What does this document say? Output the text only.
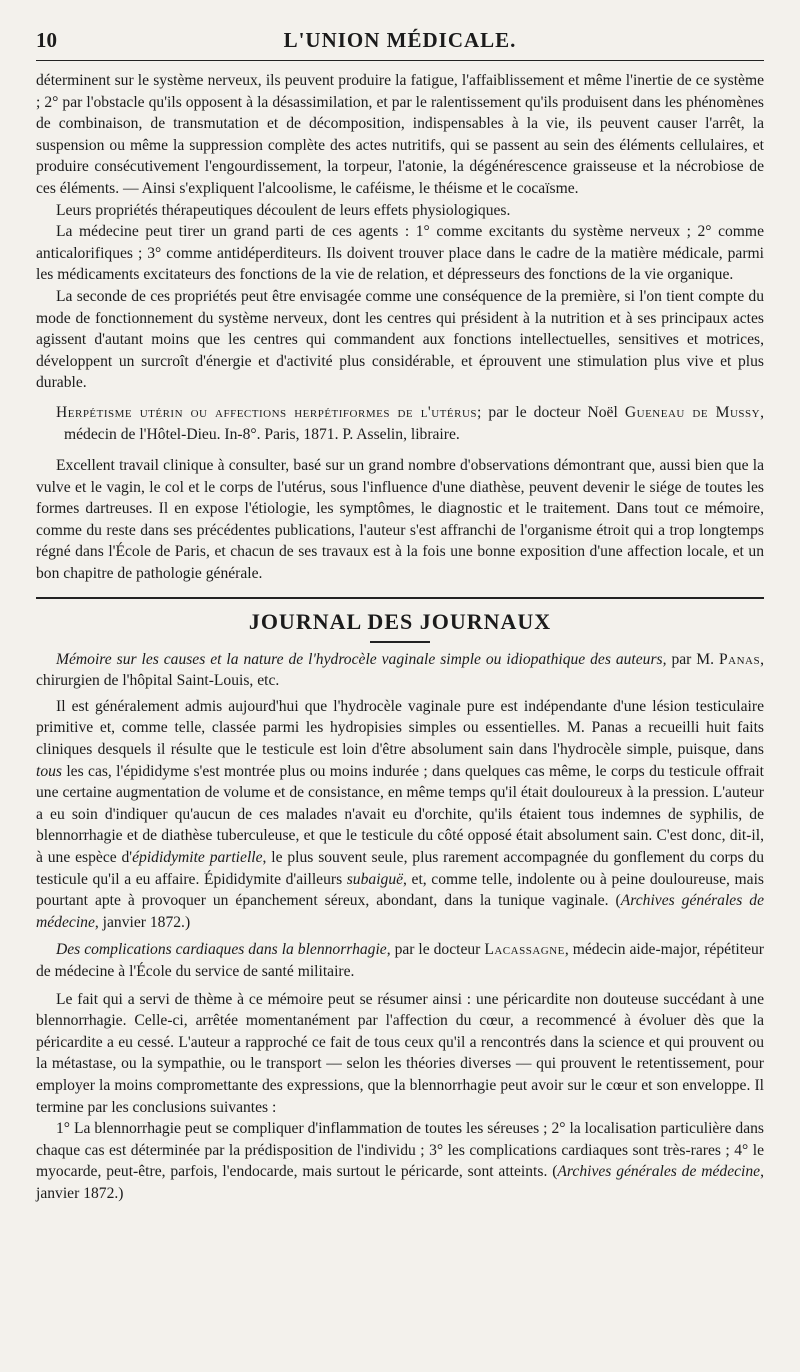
10	L'UNION MÉDICALE.

déterminent sur le système nerveux, ils peuvent produire la fatigue, l'affaiblissement et même l'inertie de ce système ; 2° par l'obstacle qu'ils opposent à la désassimilation, et par le ralentissement qu'ils produisent dans les phénomènes de combinaison, de transmutation et de décomposition, indispensables à la vie, ils peuvent causer l'arrêt, la suspension ou même la suppression complète des actes nutritifs, qui se passent au sein des éléments cellulaires, et produire consécutivement l'engourdissement, la torpeur, l'atonie, la dégénérescence graisseuse et la nécrobiose de ces éléments. — Ainsi s'expliquent l'alcoolisme, le caféisme, le théisme et le cocaïsme.

Leurs propriétés thérapeutiques découlent de leurs effets physiologiques.

La médecine peut tirer un grand parti de ces agents : 1° comme excitants du système nerveux ; 2° comme anticalorifiques ; 3° comme antidéperditeurs. Ils doivent trouver place dans le cadre de la matière médicale, parmi les médicaments excitateurs des fonctions de la vie de relation, et dépresseurs des fonctions de la vie organique.

La seconde de ces propriétés peut être envisagée comme une conséquence de la première, si l'on tient compte du mode de fonctionnement du système nerveux, dont les centres qui président à la nutrition et à ses principaux actes agissent d'autant moins que les centres qui commandent aux fonctions intellectuelles, sensitives et motrices, développent un surcroît d'énergie et d'activité plus considérable, et éprouvent une stimulation plus vive et plus durable.

Herpétisme utérin ou affections herpétiformes de l'utérus; par le docteur Noël Gueneau de Mussy, médecin de l'Hôtel-Dieu. In-8°. Paris, 1871. P. Asselin, libraire.

Excellent travail clinique à consulter, basé sur un grand nombre d'observations démontrant que, aussi bien que la vulve et le vagin, le col et le corps de l'utérus, sous l'influence d'une diathèse, peuvent devenir le siége de toutes les formes dartreuses. Il en expose l'étiologie, les symptômes, le diagnostic et le traitement. Dans tout ce mémoire, comme du reste dans ses précédentes publications, l'auteur s'est affranchi de l'organisme étroit qui a trop longtemps régné dans l'École de Paris, et chacun de ses travaux est à la fois une bonne exposition d'une affection locale, et un bon chapitre de pathologie générale.

JOURNAL DES JOURNAUX

Mémoire sur les causes et la nature de l'hydrocèle vaginale simple ou idiopathique des auteurs, par M. Panas, chirurgien de l'hôpital Saint-Louis, etc.

Il est généralement admis aujourd'hui que l'hydrocèle vaginale pure est indépendante d'une lésion testiculaire primitive et, comme telle, classée parmi les hydropisies simples ou essentielles. M. Panas a recueilli huit faits cliniques desquels il résulte que le testicule est loin d'être absolument sain dans l'hydrocèle simple, puisque, dans tous les cas, l'épididyme s'est montrée plus ou moins indurée ; dans quelques cas même, le corps du testicule offrait une certaine augmentation de volume et de consistance, en même temps qu'il était douloureux à la pression. L'auteur a eu soin d'indiquer qu'aucun de ces malades n'avait eu d'orchite, qu'ils étaient tous indemnes de syphilis, de blennorrhagie et de diathèse tuberculeuse, et que le testicule du côté opposé était absolument sain. C'est donc, dit-il, à une espèce d'épididymite partielle, le plus souvent seule, plus rarement accompagnée du gonflement du corps du testicule qu'il a eu affaire. Épididymite d'ailleurs subaiguë, et, comme telle, indolente ou à peine douloureuse, mais pourtant apte à provoquer un épanchement séreux, abondant, dans la tunique vaginale. (Archives générales de médecine, janvier 1872.)

Des complications cardiaques dans la blennorrhagie, par le docteur Lacassagne, médecin aide-major, répétiteur de médecine à l'École du service de santé militaire.

Le fait qui a servi de thème à ce mémoire peut se résumer ainsi : une péricardite non douteuse succédant à une blennorrhagie. Celle-ci, arrêtée momentanément par l'affection du cœur, a recommencé à évoluer dès que la péricardite a eu cessé. L'auteur a rapproché ce fait de tous ceux qu'il a rencontrés dans la science et qui prouvent ou la métastase, ou la sympathie, ou le transport — selon les théories diverses — qui prouvent le retentissement, pour employer la moins compromettante des expressions, que la blennorrhagie peut avoir sur le cœur et son enveloppe. Il termine par les conclusions suivantes :

1° La blennorrhagie peut se compliquer d'inflammation de toutes les séreuses ; 2° la localisation particulière dans chaque cas est déterminée par la prédisposition de l'individu ; 3° les complications cardiaques sont très-rares ; 4° le myocarde, peut-être, parfois, l'endocarde, mais surtout le péricarde, sont atteints. (Archives générales de médecine, janvier 1872.)
